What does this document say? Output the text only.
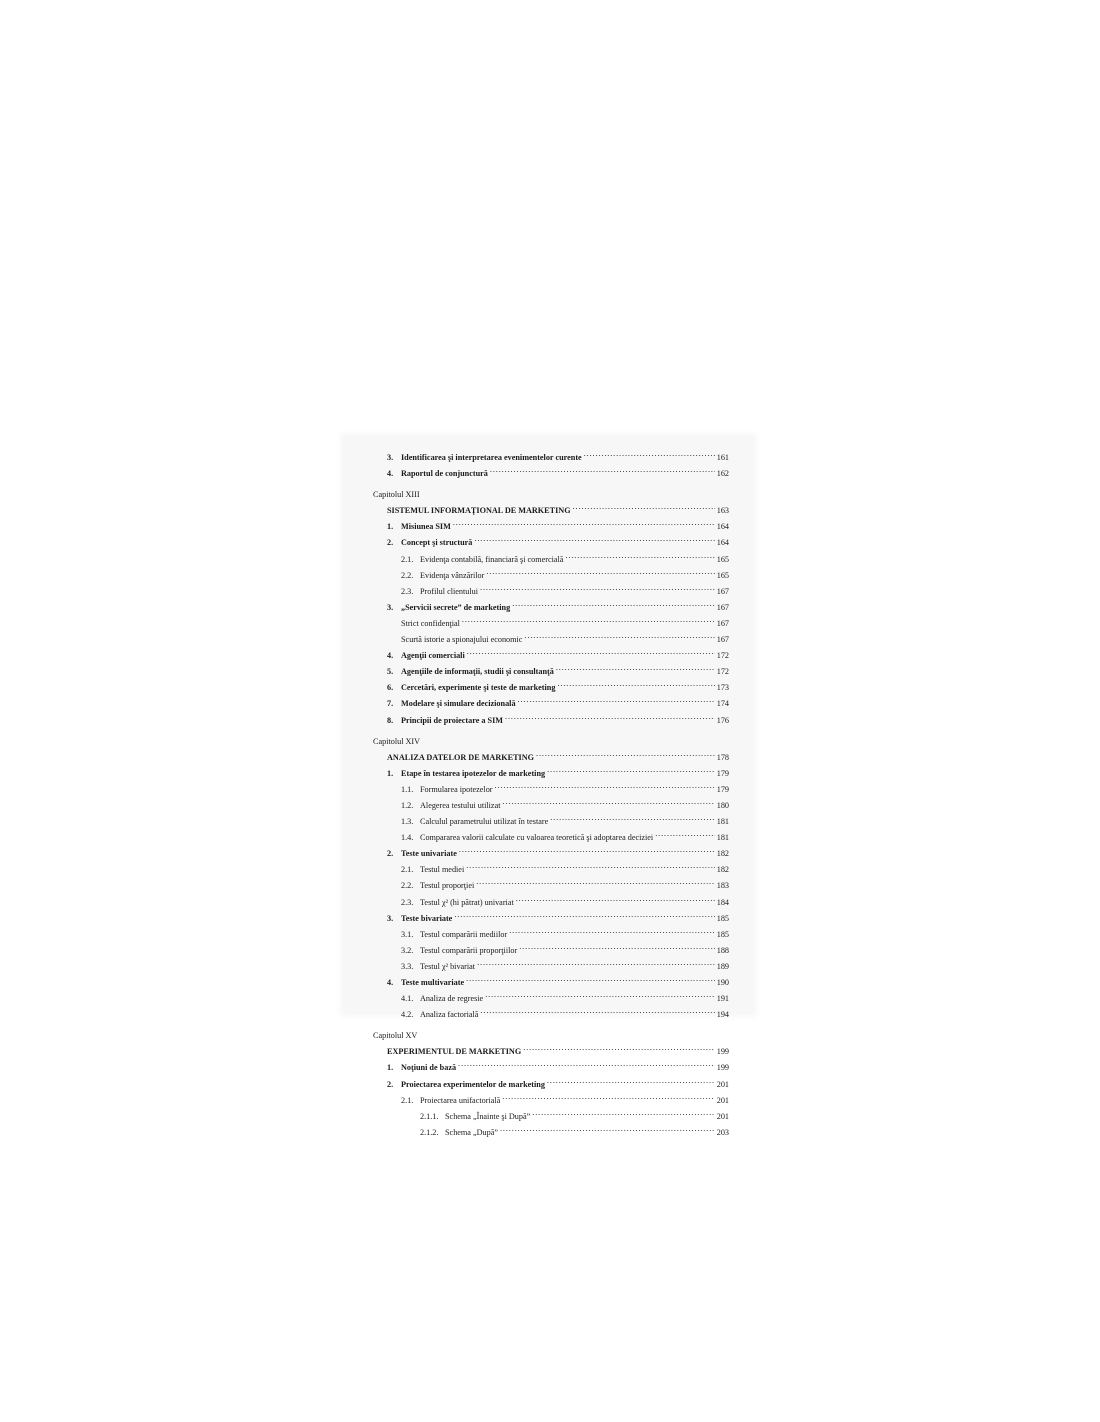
3. Identificarea şi interpretarea evenimentelor curente .....	161
4. Raportul de conjunctură .....	162
Capitolul XIII
SISTEMUL INFORMAŢIONAL DE MARKETING .....	163
1. Misiunea SIM .....	164
2. Concept şi structură .....	164
2.1. Evidenţa contabilă, financiară şi comercială .....	165
2.2. Evidenţa vânzărilor .....	165
2.3. Profilul clientului .....	167
3. „Servicii secrete” de marketing .....	167
Strict confidenţial .....	167
Scurtă istorie a spionajului economic .....	167
4. Agenţii comerciali .....	172
5. Agenţiile de informaţii, studii şi consultanţă .....	172
6. Cercetări, experimente şi teste de marketing .....	173
7. Modelare şi simulare decizională .....	174
8. Principii de proiectare a SIM .....	176
Capitolul XIV
ANALIZA DATELOR DE MARKETING .....	178
1. Etape în testarea ipotezelor de marketing .....	179
1.1. Formularea ipotezelor .....	179
1.2. Alegerea testului utilizat .....	180
1.3. Calculul parametrului utilizat în testare .....	181
1.4. Compararea valorii calculate cu valoarea teoretică şi adoptarea deciziei .....	181
2. Teste univariate .....	182
2.1. Testul mediei .....	182
2.2. Testul proporţiei .....	183
2.3. Testul χ² (hi pătrat) univariat .....	184
3. Teste bivariate .....	185
3.1. Testul comparării mediilor .....	185
3.2. Testul comparării proporţiilor .....	188
3.3. Testul χ² bivariat .....	189
4. Teste multivariate .....	190
4.1. Analiza de regresie .....	191
4.2. Analiza factorială .....	194
Capitolul XV
EXPERIMENTUL DE MARKETING .....	199
1. Noţiuni de bază .....	199
2. Proiectarea experimentelor de marketing .....	201
2.1. Proiectarea unifactorială .....	201
2.1.1. Schema „Înainte şi După” .....	201
2.1.2. Schema „După” .....	203
